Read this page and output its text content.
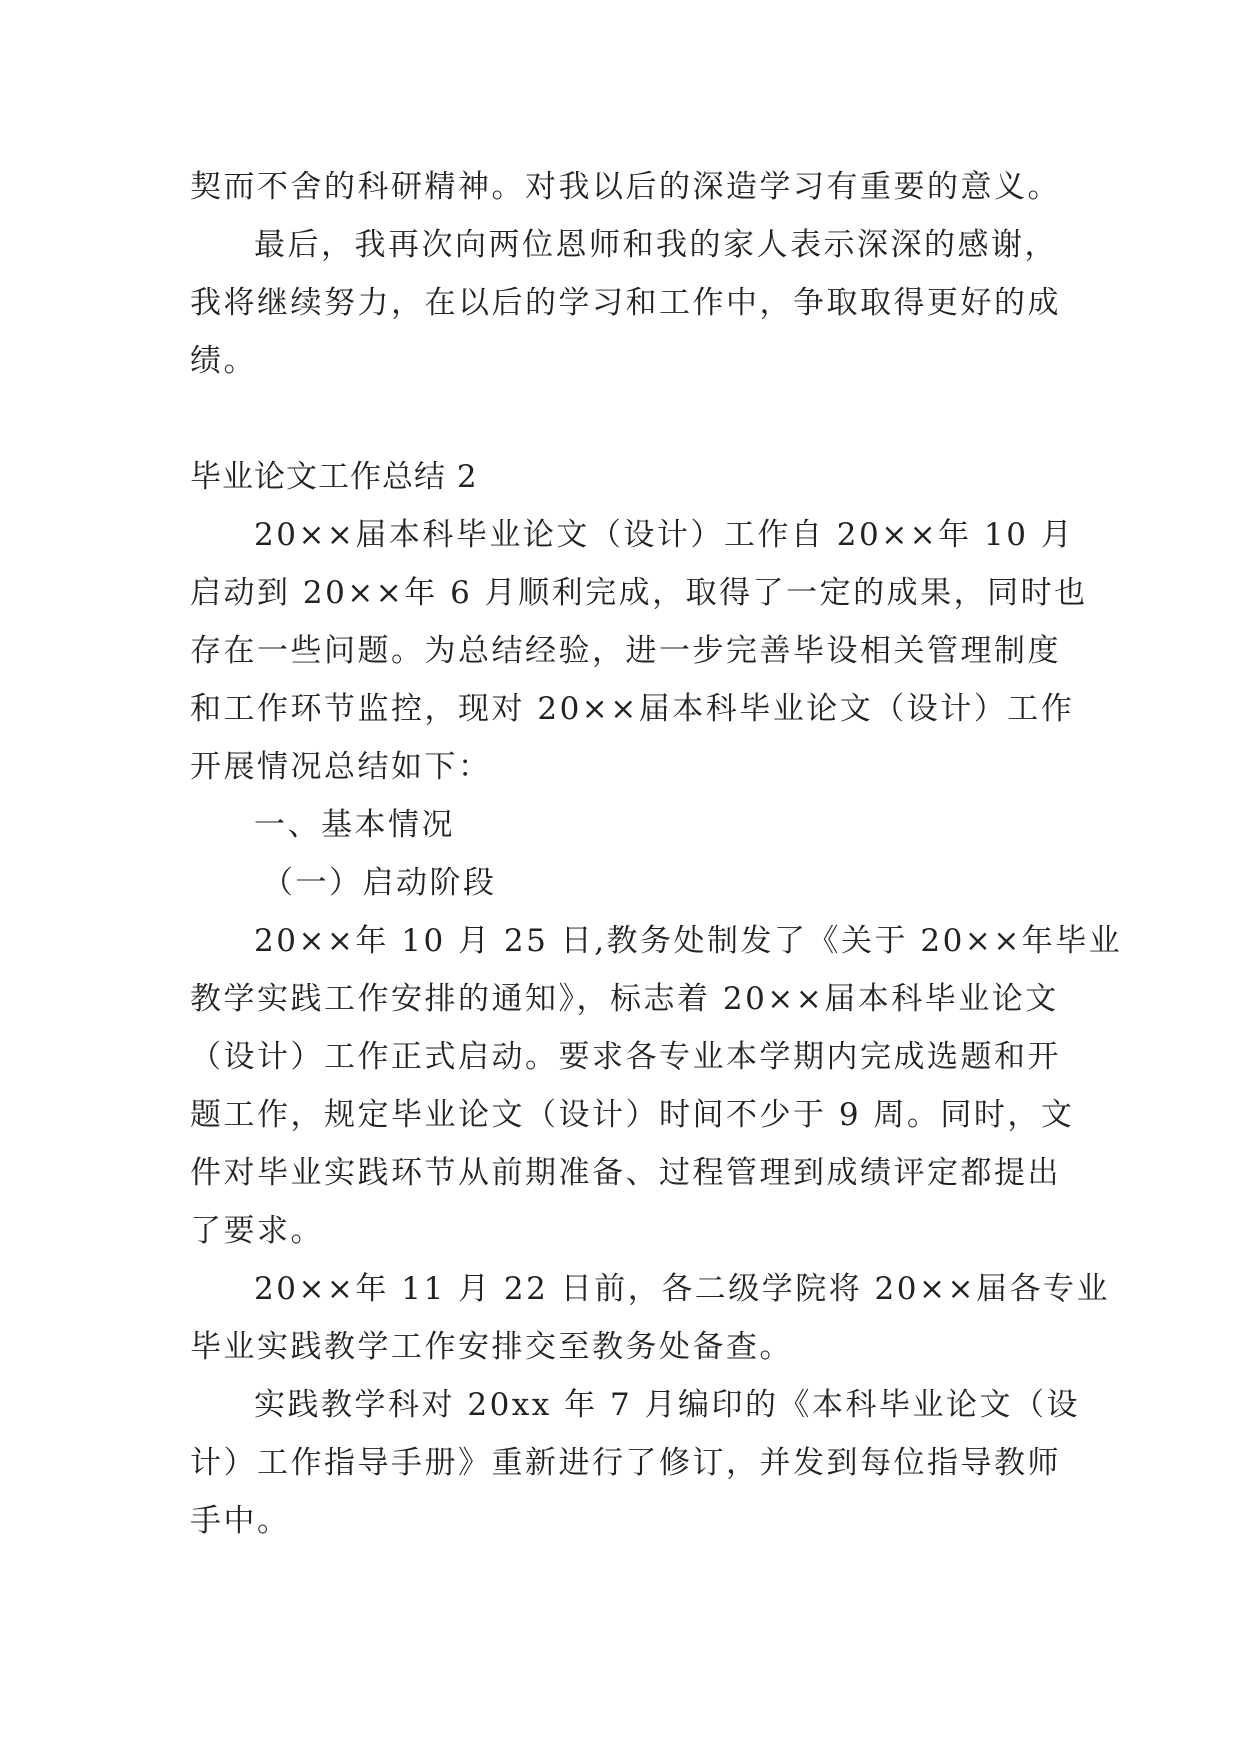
契而不舍的科研精神。对我以后的深造学习有重要的意义。
最后，我再次向两位恩师和我的家人表示深深的感谢，
我将继续努力，在以后的学习和工作中，争取取得更好的成
绩。
毕业论文工作总结 2
20××届本科毕业论文（设计）工作自 20××年 10 月
启动到 20××年 6 月顺利完成，取得了一定的成果，同时也
存在一些问题。为总结经验，进一步完善毕设相关管理制度
和工作环节监控，现对 20××届本科毕业论文（设计）工作
开展情况总结如下：
一、基本情况
（一）启动阶段
20××年 10 月 25 日,教务处制发了《关于 20××年毕业
教学实践工作安排的通知》，标志着 20××届本科毕业论文
（设计）工作正式启动。要求各专业本学期内完成选题和开
题工作，规定毕业论文（设计）时间不少于 9 周。同时，文
件对毕业实践环节从前期准备、过程管理到成绩评定都提出
了要求。
20××年 11 月 22 日前，各二级学院将 20××届各专业
毕业实践教学工作安排交至教务处备查。
实践教学科对 20xx 年 7 月编印的《本科毕业论文（设
计）工作指导手册》重新进行了修订，并发到每位指导教师
手中。
